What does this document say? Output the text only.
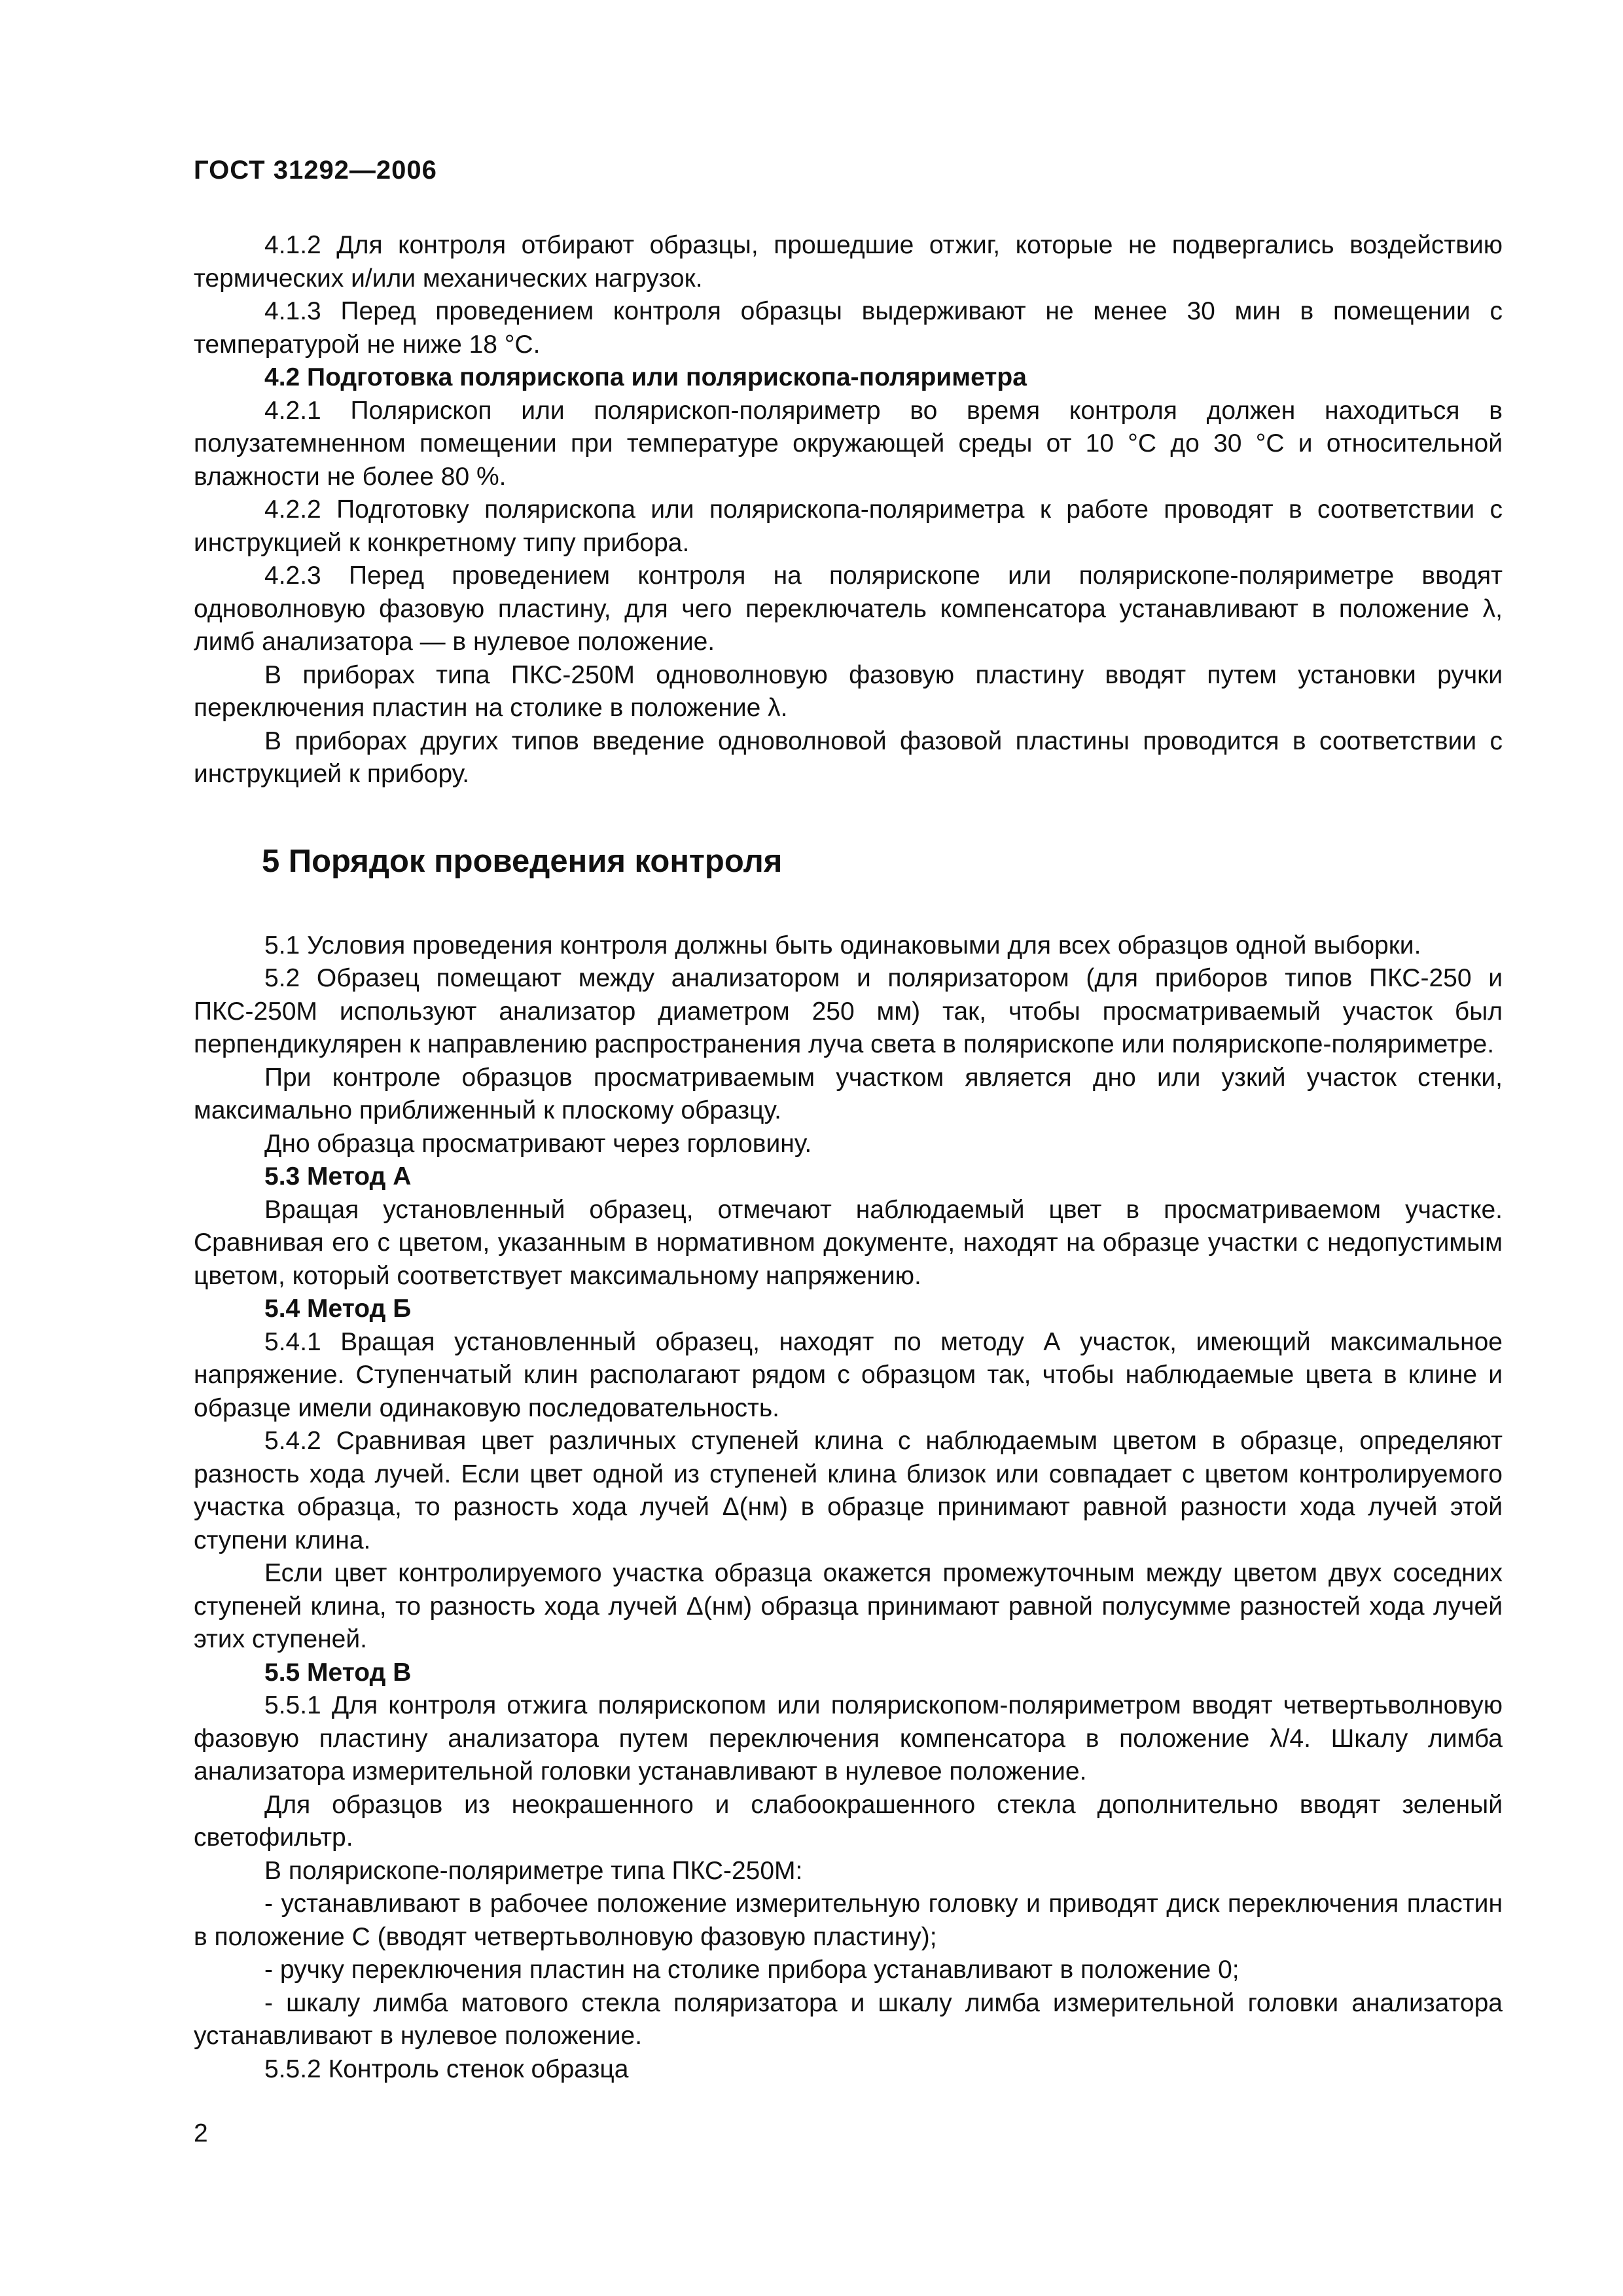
ГОСТ 31292—2006

4.1.2 Для контроля отбирают образцы, прошедшие отжиг, которые не подвергались воздействию термических и/или механических нагрузок.

4.1.3 Перед проведением контроля образцы выдерживают не менее 30 мин в помещении с температурой не ниже 18 °С.

4.2 Подготовка полярископа или полярископа-поляриметра

4.2.1 Полярископ или полярископ-поляриметр во время контроля должен находиться в полузатемненном помещении при температуре окружающей среды от 10 °С до 30 °С и относительной влажности не более 80 %.

4.2.2 Подготовку полярископа или полярископа-поляриметра к работе проводят в соответствии с инструкцией к конкретному типу прибора.

4.2.3 Перед проведением контроля на полярископе или полярископе-поляриметре вводят одноволновую фазовую пластину, для чего переключатель компенсатора устанавливают в положение λ, лимб анализатора — в нулевое положение.

В приборах типа ПКС-250М одноволновую фазовую пластину вводят путем установки ручки переключения пластин на столике в положение λ.

В приборах других типов введение одноволновой фазовой пластины проводится в соответствии с инструкцией к прибору.

5 Порядок проведения контроля

5.1 Условия проведения контроля должны быть одинаковыми для всех образцов одной выборки.

5.2 Образец помещают между анализатором и поляризатором (для приборов типов ПКС-250 и ПКС-250М используют анализатор диаметром 250 мм) так, чтобы просматриваемый участок был перпендикулярен к направлению распространения луча света в полярископе или полярископе-поляриметре.

При контроле образцов просматриваемым участком является дно или узкий участок стенки, максимально приближенный к плоскому образцу.

Дно образца просматривают через горловину.

5.3 Метод А

Вращая установленный образец, отмечают наблюдаемый цвет в просматриваемом участке. Сравнивая его с цветом, указанным в нормативном документе, находят на образце участки с недопустимым цветом, который соответствует максимальному напряжению.

5.4 Метод Б

5.4.1 Вращая установленный образец, находят по методу А участок, имеющий максимальное напряжение. Ступенчатый клин располагают рядом с образцом так, чтобы наблюдаемые цвета в клине и образце имели одинаковую последовательность.

5.4.2 Сравнивая цвет различных ступеней клина с наблюдаемым цветом в образце, определяют разность хода лучей. Если цвет одной из ступеней клина близок или совпадает с цветом контролируемого участка образца, то разность хода лучей Δ(нм) в образце принимают равной разности хода лучей этой ступени клина.

Если цвет контролируемого участка образца окажется промежуточным между цветом двух соседних ступеней клина, то разность хода лучей Δ(нм) образца принимают равной полусумме разностей хода лучей этих ступеней.

5.5 Метод В

5.5.1 Для контроля отжига полярископом или полярископом-поляриметром вводят четвертьволновую фазовую пластину анализатора путем переключения компенсатора в положение λ/4. Шкалу лимба анализатора измерительной головки устанавливают в нулевое положение.

Для образцов из неокрашенного и слабоокрашенного стекла дополнительно вводят зеленый светофильтр.

В полярископе-поляриметре типа ПКС-250М:

- устанавливают в рабочее положение измерительную головку и приводят диск переключения пластин в положение С (вводят четвертьволновую фазовую пластину);

- ручку переключения пластин на столике прибора устанавливают в положение 0;

- шкалу лимба матового стекла поляризатора и шкалу лимба измерительной головки анализатора устанавливают в нулевое положение.

5.5.2 Контроль стенок образца

2
